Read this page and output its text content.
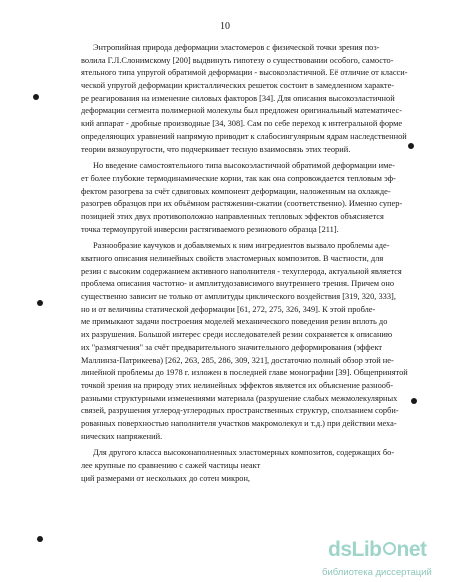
10
Энтропийная природа деформации эластомеров с физической точки зрения поз-
волила Г.Л.Слонимскому [200] выдвинуть гипотезу о существовании особого, самосто-
ятельного типа упругой обратимой деформации - высокоэластичной. Её отличие от класси-
ческой упругой деформации кристаллических решеток состоит в замедленном характе-
ре реагирования на изменение силовых факторов [34]. Для описания высокоэластичной
деформации сегмента полимерной молекулы был предложен оригинальный математичес-
кий аппарат - дробные производные [34, 308]. Сам по себе переход к интегральной форме
определяющих уравнений напрямую приводит к слабосингулярным ядрам наследственной
теории вязкоупругости, что подчеркивает тесную взаимосвязь этих теорий.
Но введение самостоятельного типа высокоэластичной обратимой деформации име-
ет более глубокие термодинамические корни, так как она сопровождается тепловым эф-
фектом разогрева за счёт сдвиговых компонент деформации, наложенным на охлажде-
разогрев образцов при их объёмном растяжении-сжатии (соответственно). Именно супер-
позицией этих двух противоположно направленных тепловых эффектов объясняется
точка термоупругой инверсии растягиваемого резинового образца [211].
Разнообразие каучуков и добавляемых к ним ингредиентов вызвало проблемы аде-
кватного описания нелинейных свойств эластомерных композитов. В частности, для
резин с высоким содержанием активного наполнителя - техуглерода, актуальной является
проблема описания частотно- и амплитудозависимого внутреннего трения. Причем оно
существенно зависит не только от амплитуды циклического воздействия [319, 320, 333],
но и от величины статической деформации [61, 272, 275, 326, 349]. К этой пробле-
ме примыкают задачи построения моделей механического поведения резин вплоть до
их разрушения. Большой интерес среди исследователей резин сохраняется к описанию
их "размягчения" за счёт предварительного значительного деформирования (эффект
Маллинза-Патрикеева) [262, 263, 285, 286, 309, 321], достаточно полный обзор этой не-
линейной проблемы до 1978 г. изложен в последней главе монографии [39]. Общепринятой
точкой зрения на природу этих нелинейных эффектов является их объяснение разнооб-
разными структурными изменениями материала (разрушение слабых межмолекулярных
связей, разрушения углерод-углеродных пространственных структур, сползанием сорби-
рованных поверхностью наполнителя участков макромолекул и т.д.) при действии меха-
нических напряжений.
Для другого класса высоконаполненных эластомерных композитов, содержащих бо-
лее крупные по сравнению с сажей частицы неакт
ций размерами от нескольких до сотен микрон,
dsLib net
библиотека диссертаций
